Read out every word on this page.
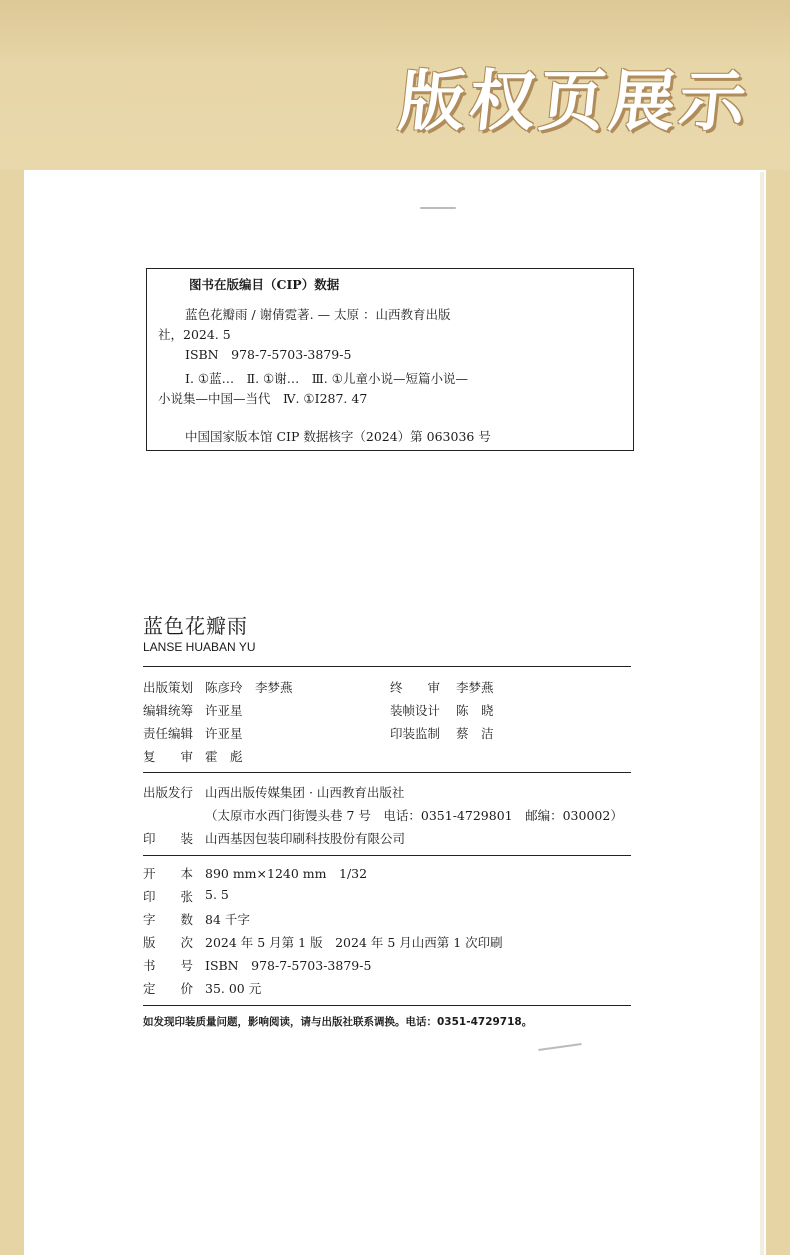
版权页展示
图书在版编目（CIP）数据
蓝色花瓣雨 / 谢倩霓著. — 太原 ：山西教育出版
社，2024. 5
ISBN　978-7-5703-3879-5
Ⅰ. ①蓝…　Ⅱ. ①谢…　Ⅲ. ①儿童小说—短篇小说—
小说集—中国—当代　Ⅳ. ①I287. 47
中国国家版本馆 CIP 数据核字（2024）第 063036 号
蓝色花瓣雨
LANSE HUABAN YU
出版策划 陈彦玲　李梦燕	终　　审 李梦燕
编辑统筹 许亚星	装帧设计 陈　晓
责任编辑 许亚星	印装监制 蔡　洁
复　　审 霍　彪
出版发行 山西出版传媒集团 · 山西教育出版社
（太原市水西门街馒头巷 7 号　电话：0351-4729801　邮编：030002）
印　　装 山西基因包装印刷科技股份有限公司
开　　本 890 mm×1240 mm　1/32
印　　张 5. 5
字　　数 84 千字
版　　次 2024 年 5 月第 1 版　2024 年 5 月山西第 1 次印刷
书　　号 ISBN　978-7-5703-3879-5
定　　价 35. 00 元
如发现印装质量问题，影响阅读，请与出版社联系调换。电话：0351-4729718。
